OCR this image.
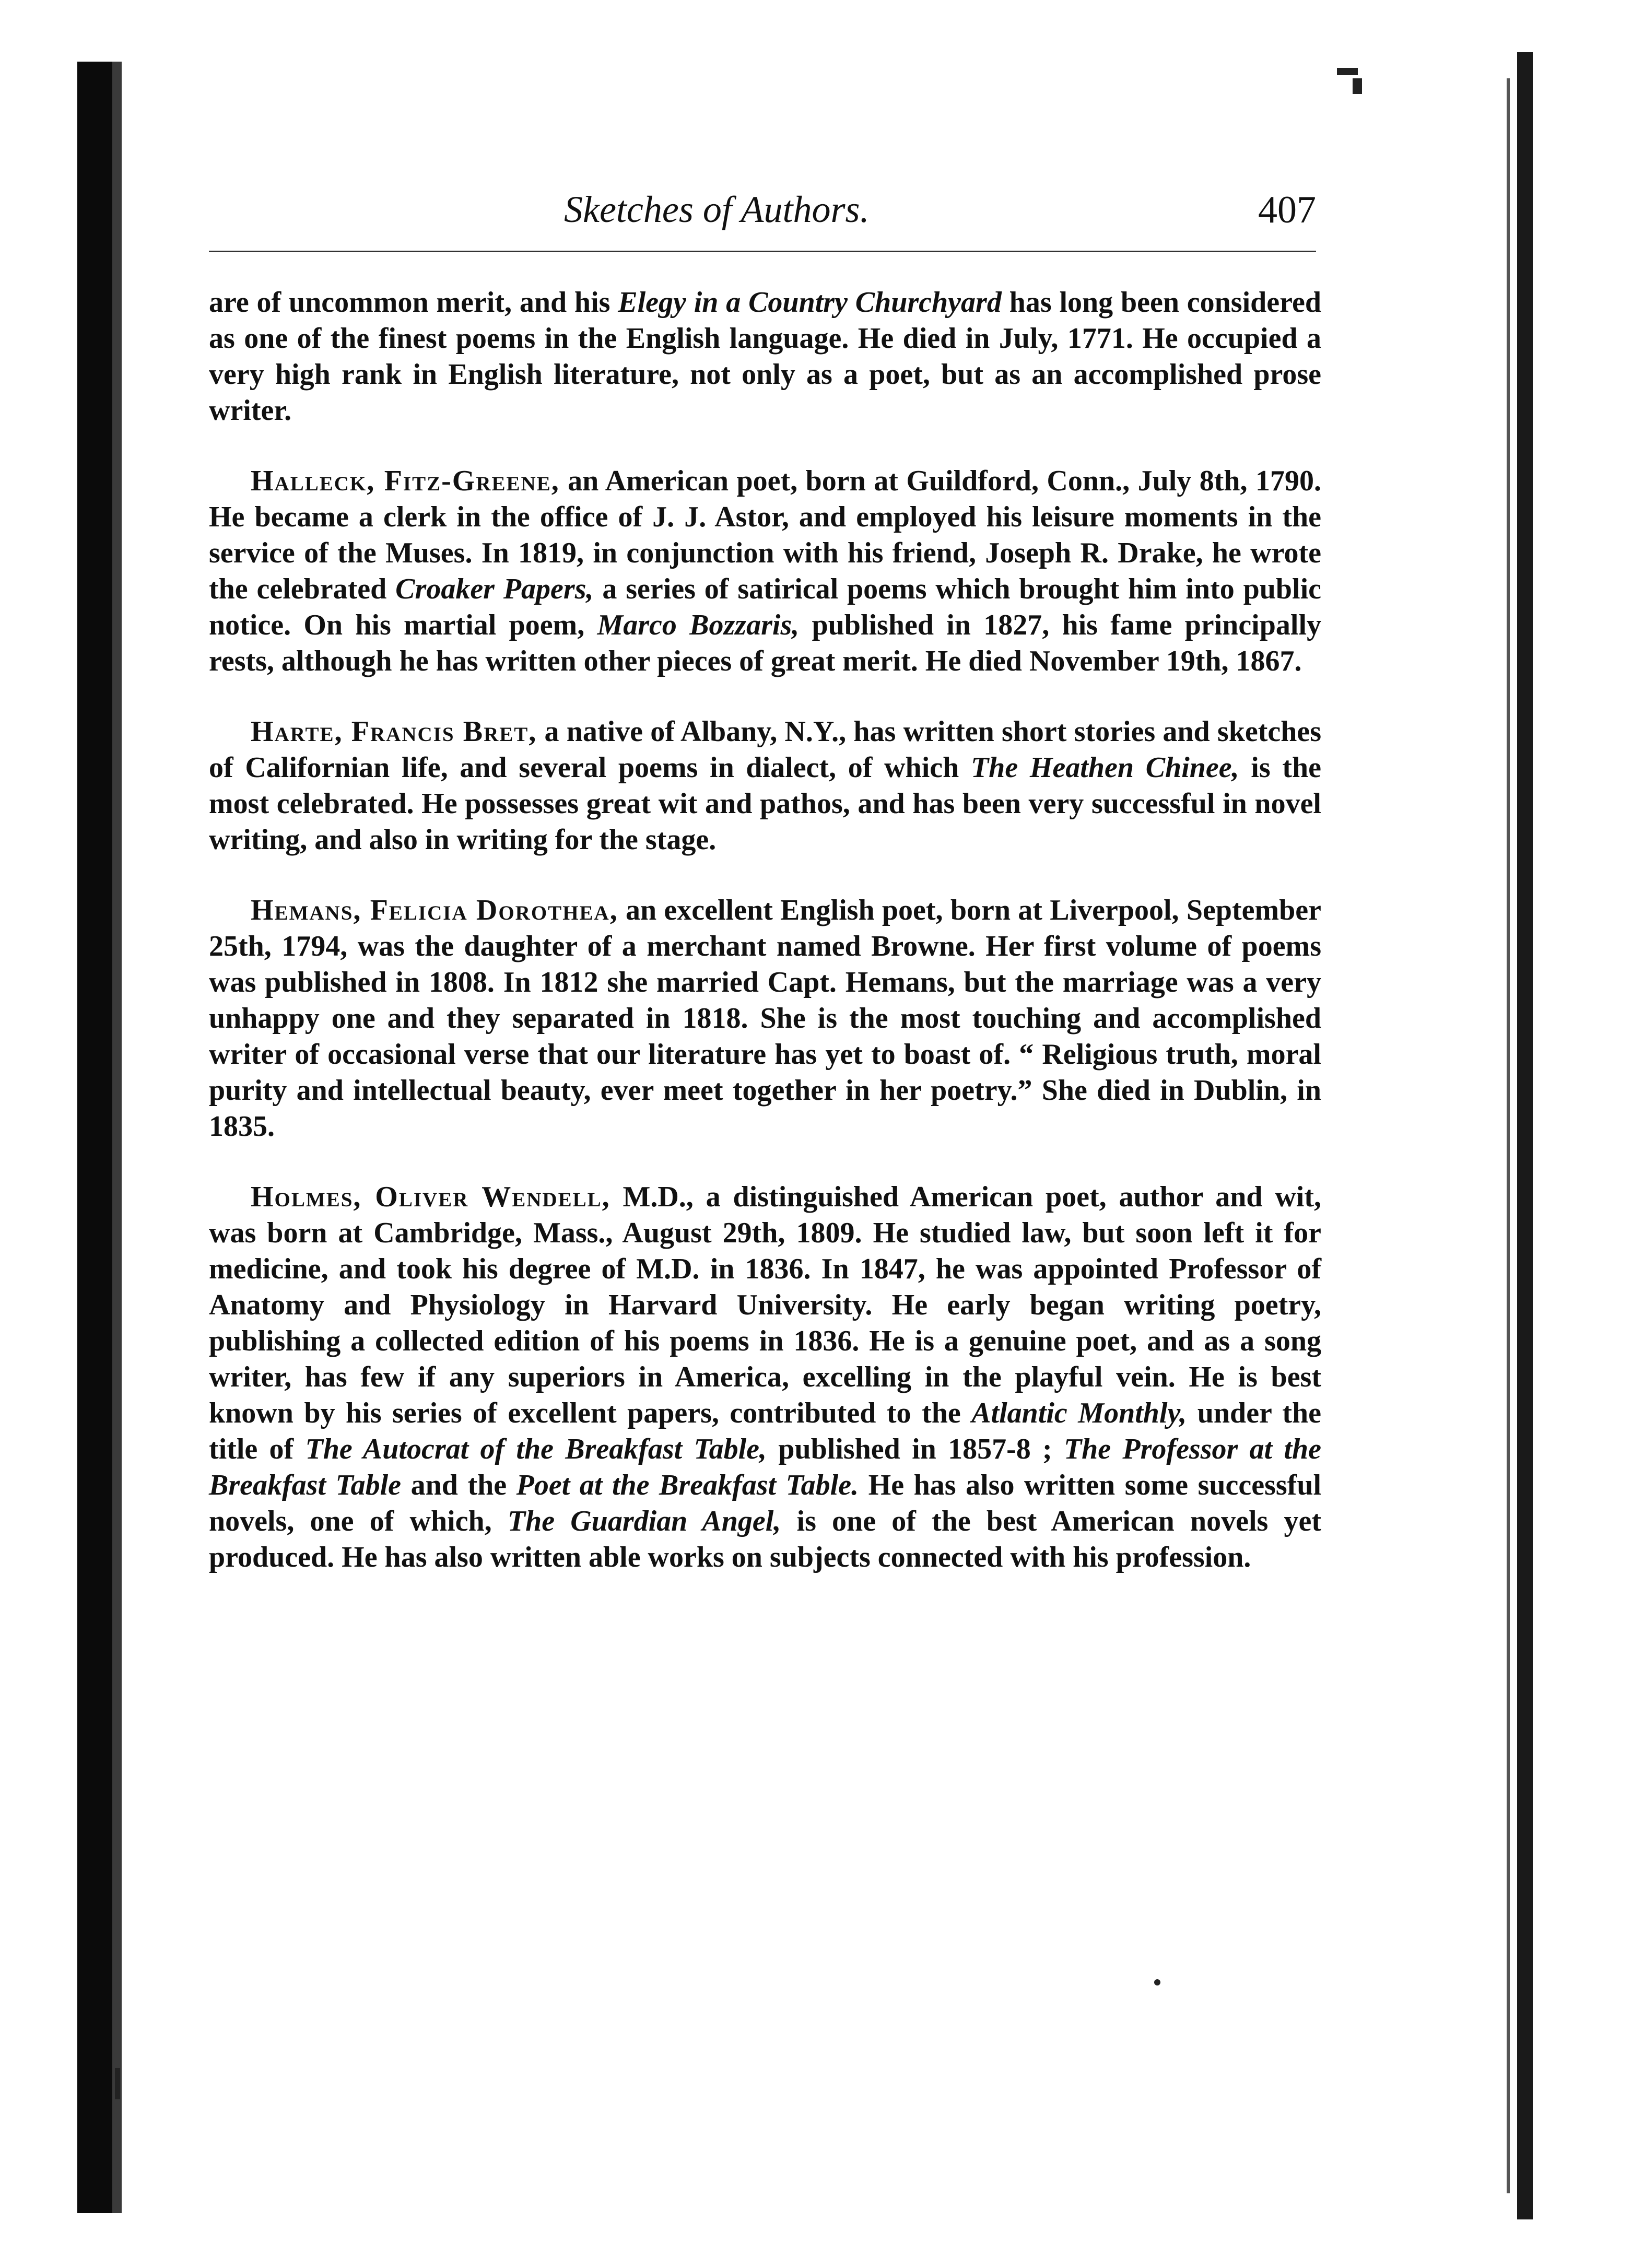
Sketches of Authors.	407

are of uncommon merit, and his Elegy in a Country Churchyard has long been considered as one of the finest poems in the English language. He died in July, 1771. He occupied a very high rank in English literature, not only as a poet, but as an accomplished prose writer.

Halleck, Fitz-Greene, an American poet, born at Guildford, Conn., July 8th, 1790. He became a clerk in the office of J. J. Astor, and employed his leisure moments in the service of the Muses. In 1819, in conjunction with his friend, Joseph R. Drake, he wrote the celebrated Croaker Papers, a series of satirical poems which brought him into public notice. On his martial poem, Marco Bozzaris, published in 1827, his fame principally rests, although he has written other pieces of great merit. He died November 19th, 1867.

Harte, Francis Bret, a native of Albany, N.Y., has written short stories and sketches of Californian life, and several poems in dialect, of which The Heathen Chinee, is the most celebrated. He possesses great wit and pathos, and has been very successful in novel writing, and also in writing for the stage.

Hemans, Felicia Dorothea, an excellent English poet, born at Liverpool, September 25th, 1794, was the daughter of a merchant named Browne. Her first volume of poems was published in 1808. In 1812 she married Capt. Hemans, but the marriage was a very unhappy one and they separated in 1818. She is the most touching and accomplished writer of occasional verse that our literature has yet to boast of. “ Religious truth, moral purity and intellectual beauty, ever meet together in her poetry.” She died in Dublin, in 1835.

Holmes, Oliver Wendell, M.D., a distinguished American poet, author and wit, was born at Cambridge, Mass., August 29th, 1809. He studied law, but soon left it for medicine, and took his degree of M.D. in 1836. In 1847, he was appointed Professor of Anatomy and Physiology in Harvard University. He early began writing poetry, publishing a collected edition of his poems in 1836. He is a genuine poet, and as a song writer, has few if any superiors in America, excelling in the playful vein. He is best known by his series of excellent papers, contributed to the Atlantic Monthly, under the title of The Autocrat of the Breakfast Table, published in 1857-8 ; The Professor at the Breakfast Table and the Poet at the Breakfast Table. He has also written some successful novels, one of which, The Guardian Angel, is one of the best American novels yet produced. He has also written able works on subjects connected with his profession.
